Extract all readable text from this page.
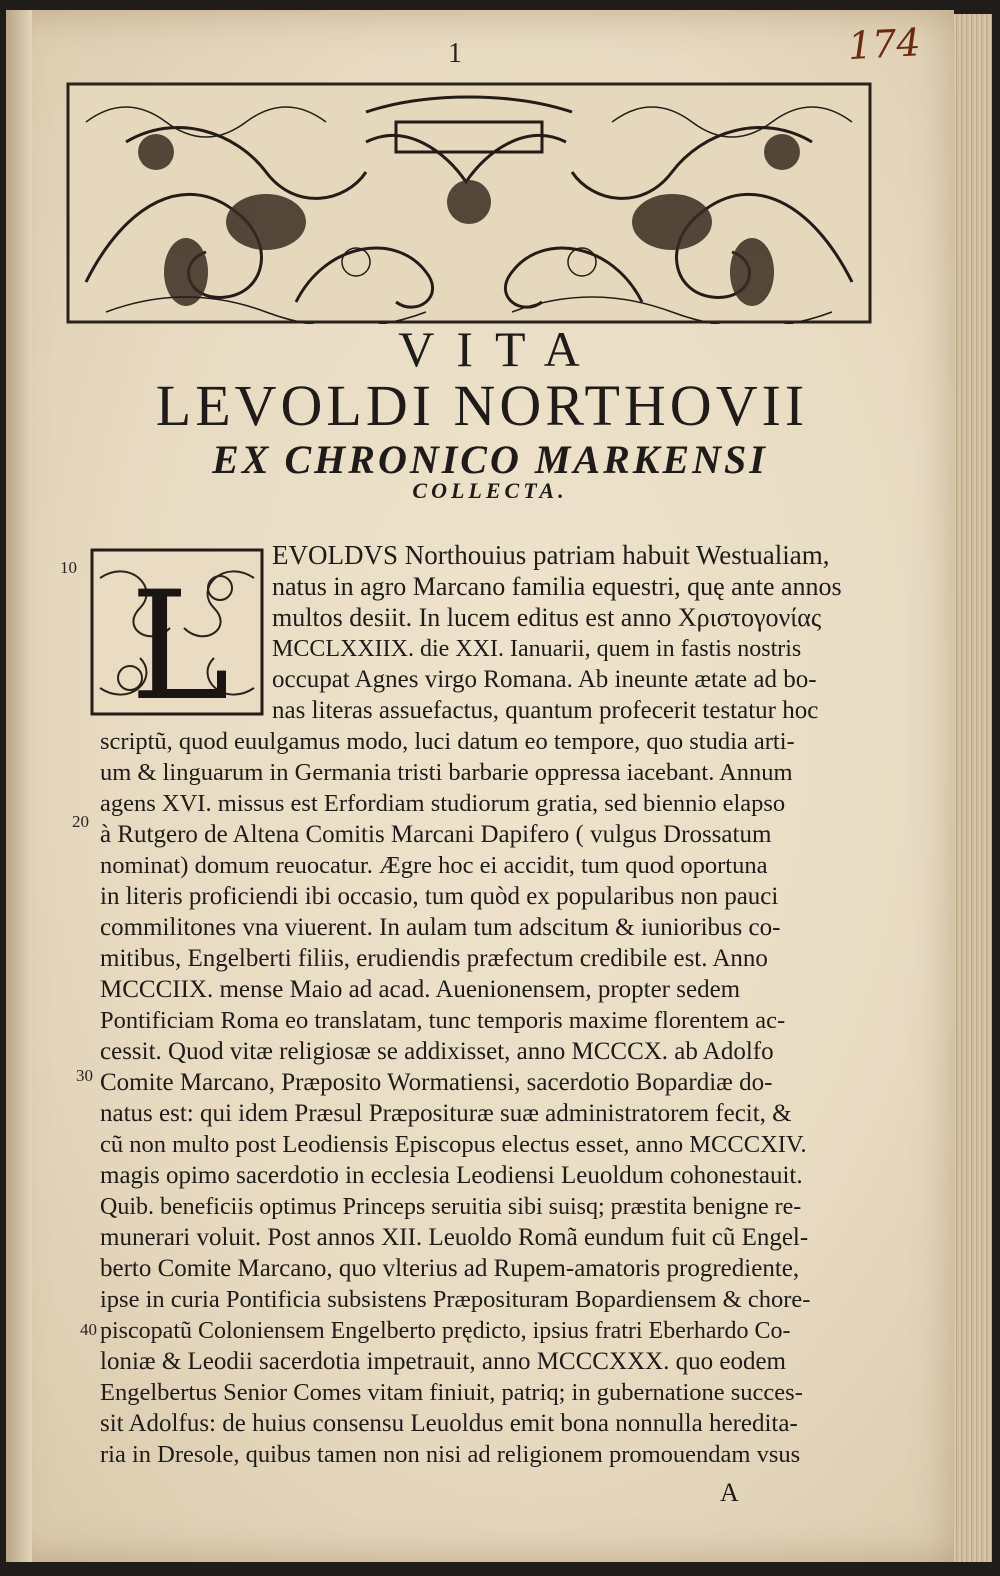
174
1
VITA
LEVOLDI NORTHOVII
EX CHRONICO MARKENSI
COLLECTA.
L
10
20
30
40
EVOLDVS Northouius patriam habuit Westualiam,
natus in agro Marcano familia equestri, quę ante annos
multos desiit. In lucem editus est anno Χριστογονίας
MCCLXXIIX. die XXI. Ianuarii, quem in fastis nostris
occupat Agnes virgo Romana. Ab ineunte ætate ad bo-
nas literas assuefactus, quantum profecerit testatur hoc
scriptũ, quod euulgamus modo, luci datum eo tempore, quo studia arti-
um & linguarum in Germania tristi barbarie oppressa iacebant. Annum
agens XVI. missus est Erfordiam studiorum gratia, sed biennio elapso
à Rutgero de Altena Comitis Marcani Dapifero ( vulgus Drossatum
nominat) domum reuocatur. Ægre hoc ei accidit, tum quod oportuna
in literis proficiendi ibi occasio, tum quòd ex popularibus non pauci
commilitones vna viuerent. In aulam tum adscitum & iunioribus co-
mitibus, Engelberti filiis, erudiendis præfectum credibile est. Anno
MCCCIIX. mense Maio ad acad. Auenionensem, propter sedem
Pontificiam Roma eo translatam, tunc temporis maxime florentem ac-
cessit. Quod vitæ religiosæ se addixisset, anno MCCCX. ab Adolfo
Comite Marcano, Præposito Wormatiensi, sacerdotio Bopardiæ do-
natus est: qui idem Præsul Præposituræ suæ administratorem fecit, &
cũ non multo post Leodiensis Episcopus electus esset, anno MCCCXIV.
magis opimo sacerdotio in ecclesia Leodiensi Leuoldum cohonestauit.
Quib. beneficiis optimus Princeps seruitia sibi suisq; præstita benigne re-
munerari voluit. Post annos XII. Leuoldo Romã eundum fuit cũ Engel-
berto Comite Marcano, quo vlterius ad Rupem-amatoris progrediente,
ipse in curia Pontificia subsistens Præposituram Bopardiensem & chore-
piscopatũ Coloniensem Engelberto prędicto, ipsius fratri Eberhardo Co-
loniæ & Leodii sacerdotia impetrauit, anno MCCCXXX. quo eodem
Engelbertus Senior Comes vitam finiuit, patriq; in gubernatione succes-
sit Adolfus: de huius consensu Leuoldus emit bona nonnulla heredita-
ria in Dresole, quibus tamen non nisi ad religionem promouendam vsus
A
